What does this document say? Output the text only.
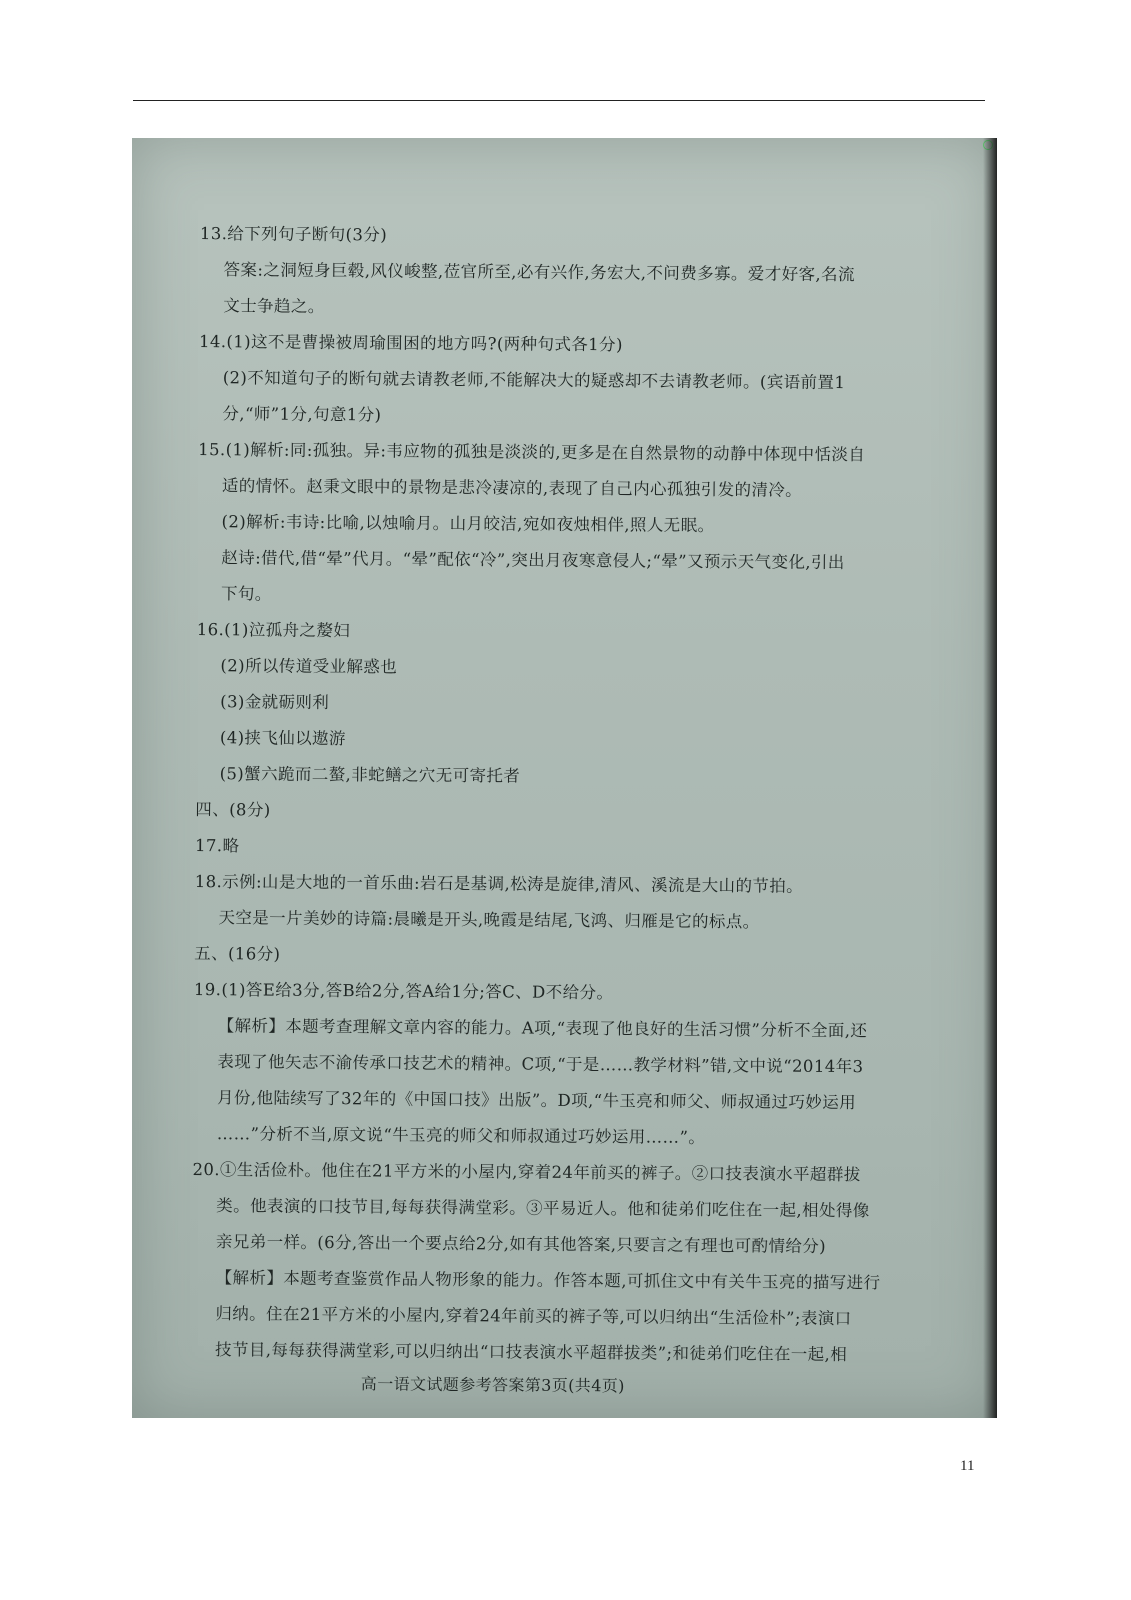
13.给下列句子断句(3分)
答案:之洞短身巨毂,风仪峻整,莅官所至,必有兴作,务宏大,不问费多寡。爱才好客,名流
文士争趋之。
14.(1)这不是曹操被周瑜围困的地方吗?(两种句式各1分)
(2)不知道句子的断句就去请教老师,不能解决大的疑惑却不去请教老师。(宾语前置1
分,“师”1分,句意1分)
15.(1)解析:同:孤独。异:韦应物的孤独是淡淡的,更多是在自然景物的动静中体现中恬淡自
适的情怀。赵秉文眼中的景物是悲冷凄凉的,表现了自己内心孤独引发的清冷。
(2)解析:韦诗:比喻,以烛喻月。山月皎洁,宛如夜烛相伴,照人无眠。
赵诗:借代,借“晕”代月。“晕”配依“冷”,突出月夜寒意侵人;“晕”又预示天气变化,引出
下句。
16.(1)泣孤舟之嫠妇
(2)所以传道受业解惑也
(3)金就砺则利
(4)挟飞仙以遨游
(5)蟹六跪而二螯,非蛇鳝之穴无可寄托者
四、(8分)
17.略
18.示例:山是大地的一首乐曲:岩石是基调,松涛是旋律,清风、溪流是大山的节拍。
天空是一片美妙的诗篇:晨曦是开头,晚霞是结尾,飞鸿、归雁是它的标点。
五、(16分)
19.(1)答E给3分,答B给2分,答A给1分;答C、D不给分。
【解析】本题考查理解文章内容的能力。A项,“表现了他良好的生活习惯”分析不全面,还
表现了他矢志不渝传承口技艺术的精神。C项,“于是……教学材料”错,文中说“2014年3
月份,他陆续写了32年的《中国口技》出版”。D项,“牛玉亮和师父、师叔通过巧妙运用
……”分析不当,原文说“牛玉亮的师父和师叔通过巧妙运用……”。
20.①生活俭朴。他住在21平方米的小屋内,穿着24年前买的裤子。②口技表演水平超群拔
类。他表演的口技节目,每每获得满堂彩。③平易近人。他和徒弟们吃住在一起,相处得像
亲兄弟一样。(6分,答出一个要点给2分,如有其他答案,只要言之有理也可酌情给分)
【解析】本题考查鉴赏作品人物形象的能力。作答本题,可抓住文中有关牛玉亮的描写进行
归纳。住在21平方米的小屋内,穿着24年前买的裤子等,可以归纳出“生活俭朴”;表演口
技节目,每每获得满堂彩,可以归纳出“口技表演水平超群拔类”;和徒弟们吃住在一起,相
高一语文试题参考答案第3页(共4页)
11
